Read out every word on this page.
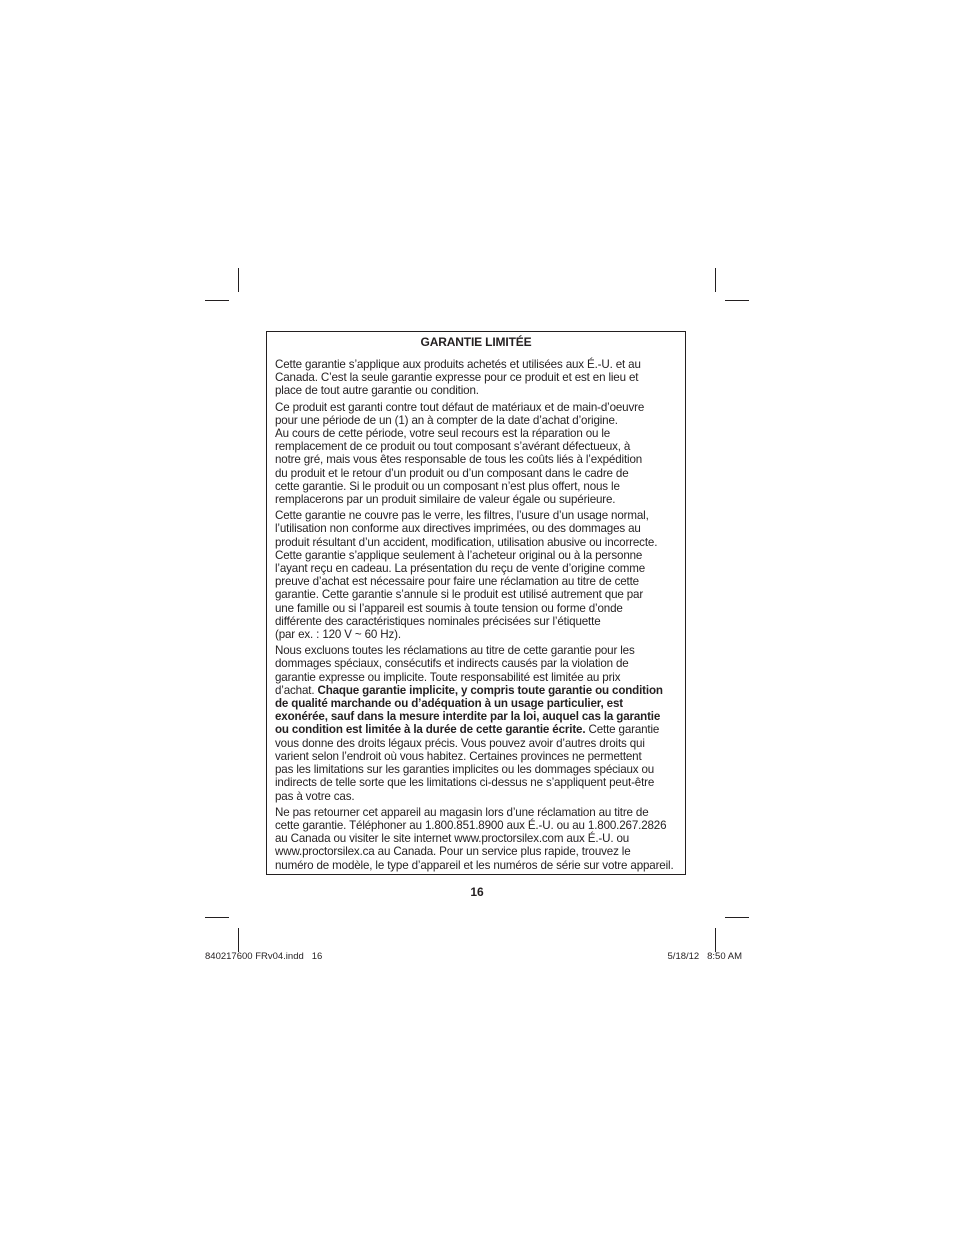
GARANTIE LIMITÉE
Cette garantie s’applique aux produits achetés et utilisées aux É.-U. et au
Canada. C’est la seule garantie expresse pour ce produit et est en lieu et
place de tout autre garantie ou condition.
Ce produit est garanti contre tout défaut de matériaux et de main-d’oeuvre
pour une période de un (1) an à compter de la date d’achat d’origine.
Au cours de cette période, votre seul recours est la réparation ou le
remplacement de ce produit ou tout composant s’avérant défectueux, à
notre gré, mais vous êtes responsable de tous les coûts liés à l’expédition
du produit et le retour d’un produit ou d’un composant dans le cadre de
cette garantie. Si le produit ou un composant n’est plus offert, nous le
remplacerons par un produit similaire de valeur égale ou supérieure.
Cette garantie ne couvre pas le verre, les filtres, l’usure d’un usage normal,
l’utilisation non conforme aux directives imprimées, ou des dommages au
produit résultant d’un accident, modification, utilisation abusive ou incorrecte.
Cette garantie s’applique seulement à l’acheteur original ou à la personne
l’ayant reçu en cadeau. La présentation du reçu de vente d’origine comme
preuve d’achat est nécessaire pour faire une réclamation au titre de cette
garantie. Cette garantie s’annule si le produit est utilisé autrement que par
une famille ou si l’appareil est soumis à toute tension ou forme d’onde
différente des caractéristiques nominales précisées sur l’étiquette
(par ex. : 120 V ~ 60 Hz).
Nous excluons toutes les réclamations au titre de cette garantie pour les
dommages spéciaux, consécutifs et indirects causés par la violation de
garantie expresse ou implicite. Toute responsabilité est limitée au prix
d’achat. Chaque garantie implicite, y compris toute garantie ou condition
de qualité marchande ou d’adéquation à un usage particulier, est
exonérée, sauf dans la mesure interdite par la loi, auquel cas la garantie
ou condition est limitée à la durée de cette garantie écrite. Cette garantie
vous donne des droits légaux précis. Vous pouvez avoir d’autres droits qui
varient selon l’endroit où vous habitez. Certaines provinces ne permettent
pas les limitations sur les garanties implicites ou les dommages spéciaux ou
indirects de telle sorte que les limitations ci-dessus ne s’appliquent peut-être
pas à votre cas.
Ne pas retourner cet appareil au magasin lors d’une réclamation au titre de
cette garantie. Téléphoner au 1.800.851.8900 aux É.-U. ou au 1.800.267.2826
au Canada ou visiter le site internet www.proctorsilex.com aux É.-U. ou
www.proctorsilex.ca au Canada. Pour un service plus rapide, trouvez le
numéro de modèle, le type d’appareil et les numéros de série sur votre appareil.
16
840217600 FRv04.indd   16	5/18/12   8:50 AM
